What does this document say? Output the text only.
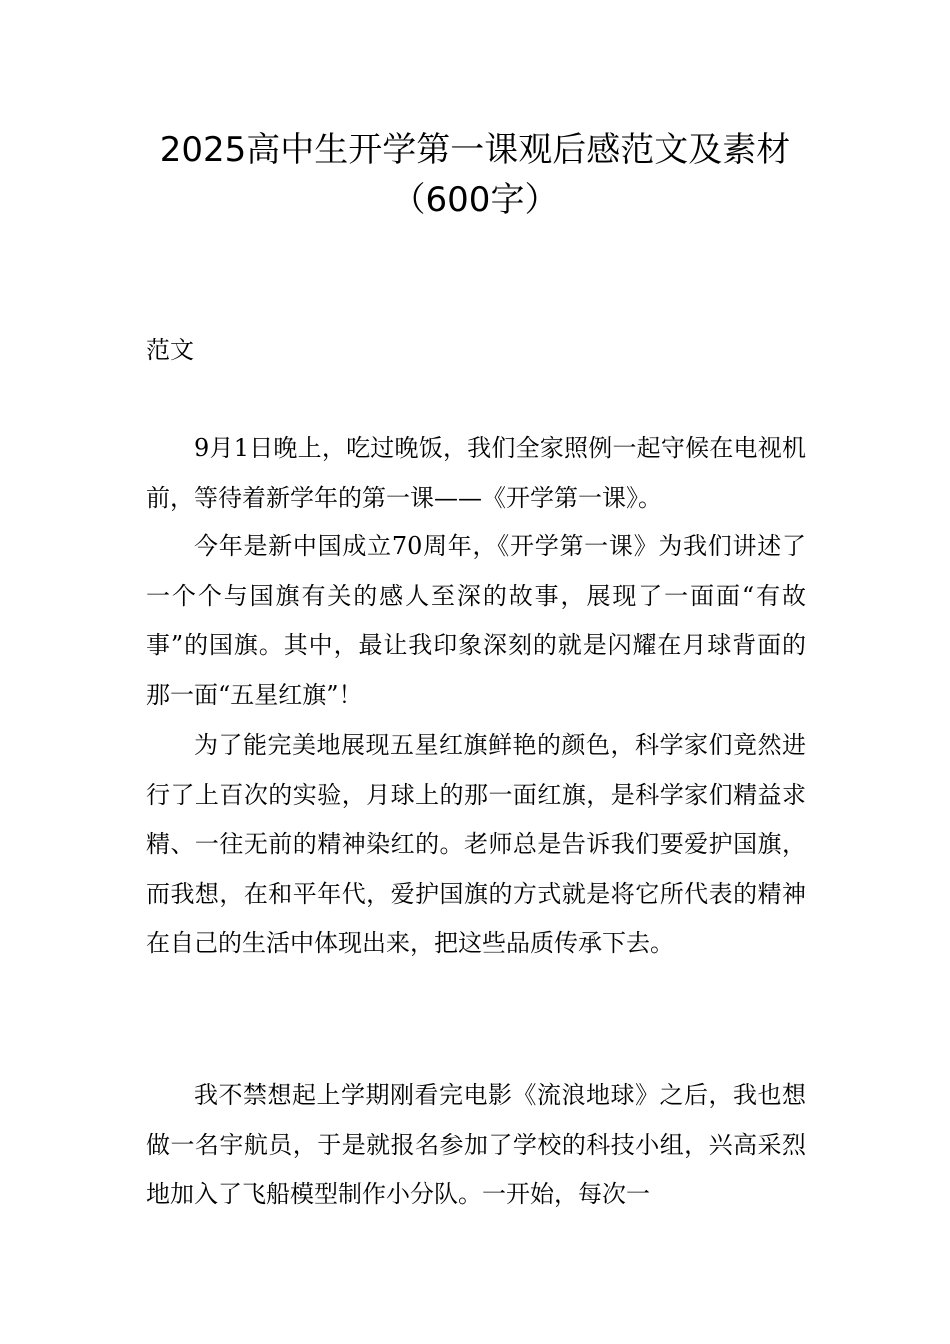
2025高中生开学第一课观后感范文及素材
（600字）
范文

9月1日晚上，吃过晚饭，我们全家照例一起守候在电视机前，等待着新学年的第一课——《开学第一课》。

今年是新中国成立70周年，《开学第一课》为我们讲述了一个个与国旗有关的感人至深的故事，展现了一面面“有故事”的国旗。其中，最让我印象深刻的就是闪耀在月球背面的那一面“五星红旗”！

为了能完美地展现五星红旗鲜艳的颜色，科学家们竟然进行了上百次的实验，月球上的那一面红旗，是科学家们精益求精、一往无前的精神染红的。老师总是告诉我们要爱护国旗，而我想，在和平年代，爱护国旗的方式就是将它所代表的精神在自己的生活中体现出来，把这些品质传承下去。

我不禁想起上学期刚看完电影《流浪地球》之后，我也想做一名宇航员，于是就报名参加了学校的科技小组，兴高采烈地加入了飞船模型制作小分队。一开始，每次一
